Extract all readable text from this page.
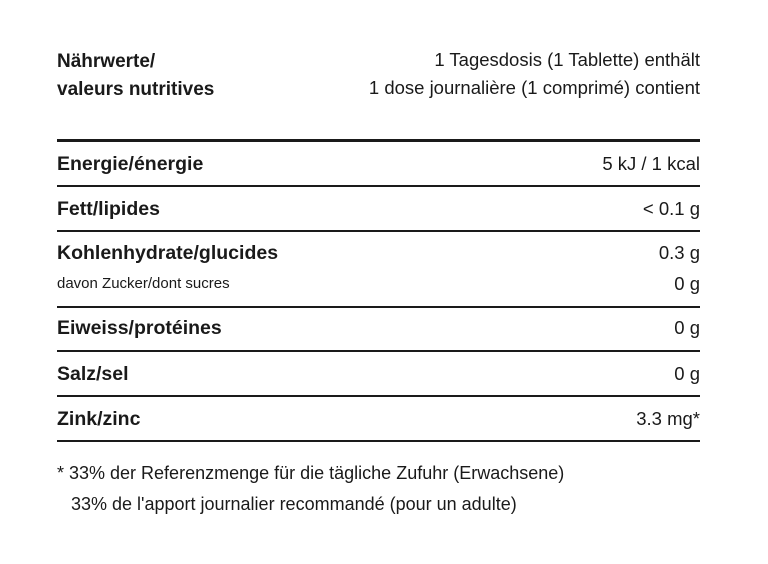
Nährwerte/
valeurs nutritives
1 Tagesdosis (1 Tablette) enthält
1 dose journalière (1 comprimé) contient
Energie/énergie	5 kJ / 1 kcal
Fett/lipides	< 0.1 g
Kohlenhydrate/glucides	0.3 g
davon Zucker/dont sucres	0 g
Eiweiss/protéines	0 g
Salz/sel	0 g
Zink/zinc	3.3 mg*
* 33% der Referenzmenge für die tägliche Zufuhr (Erwachsene)
33% de l'apport journalier recommandé (pour un adulte)
